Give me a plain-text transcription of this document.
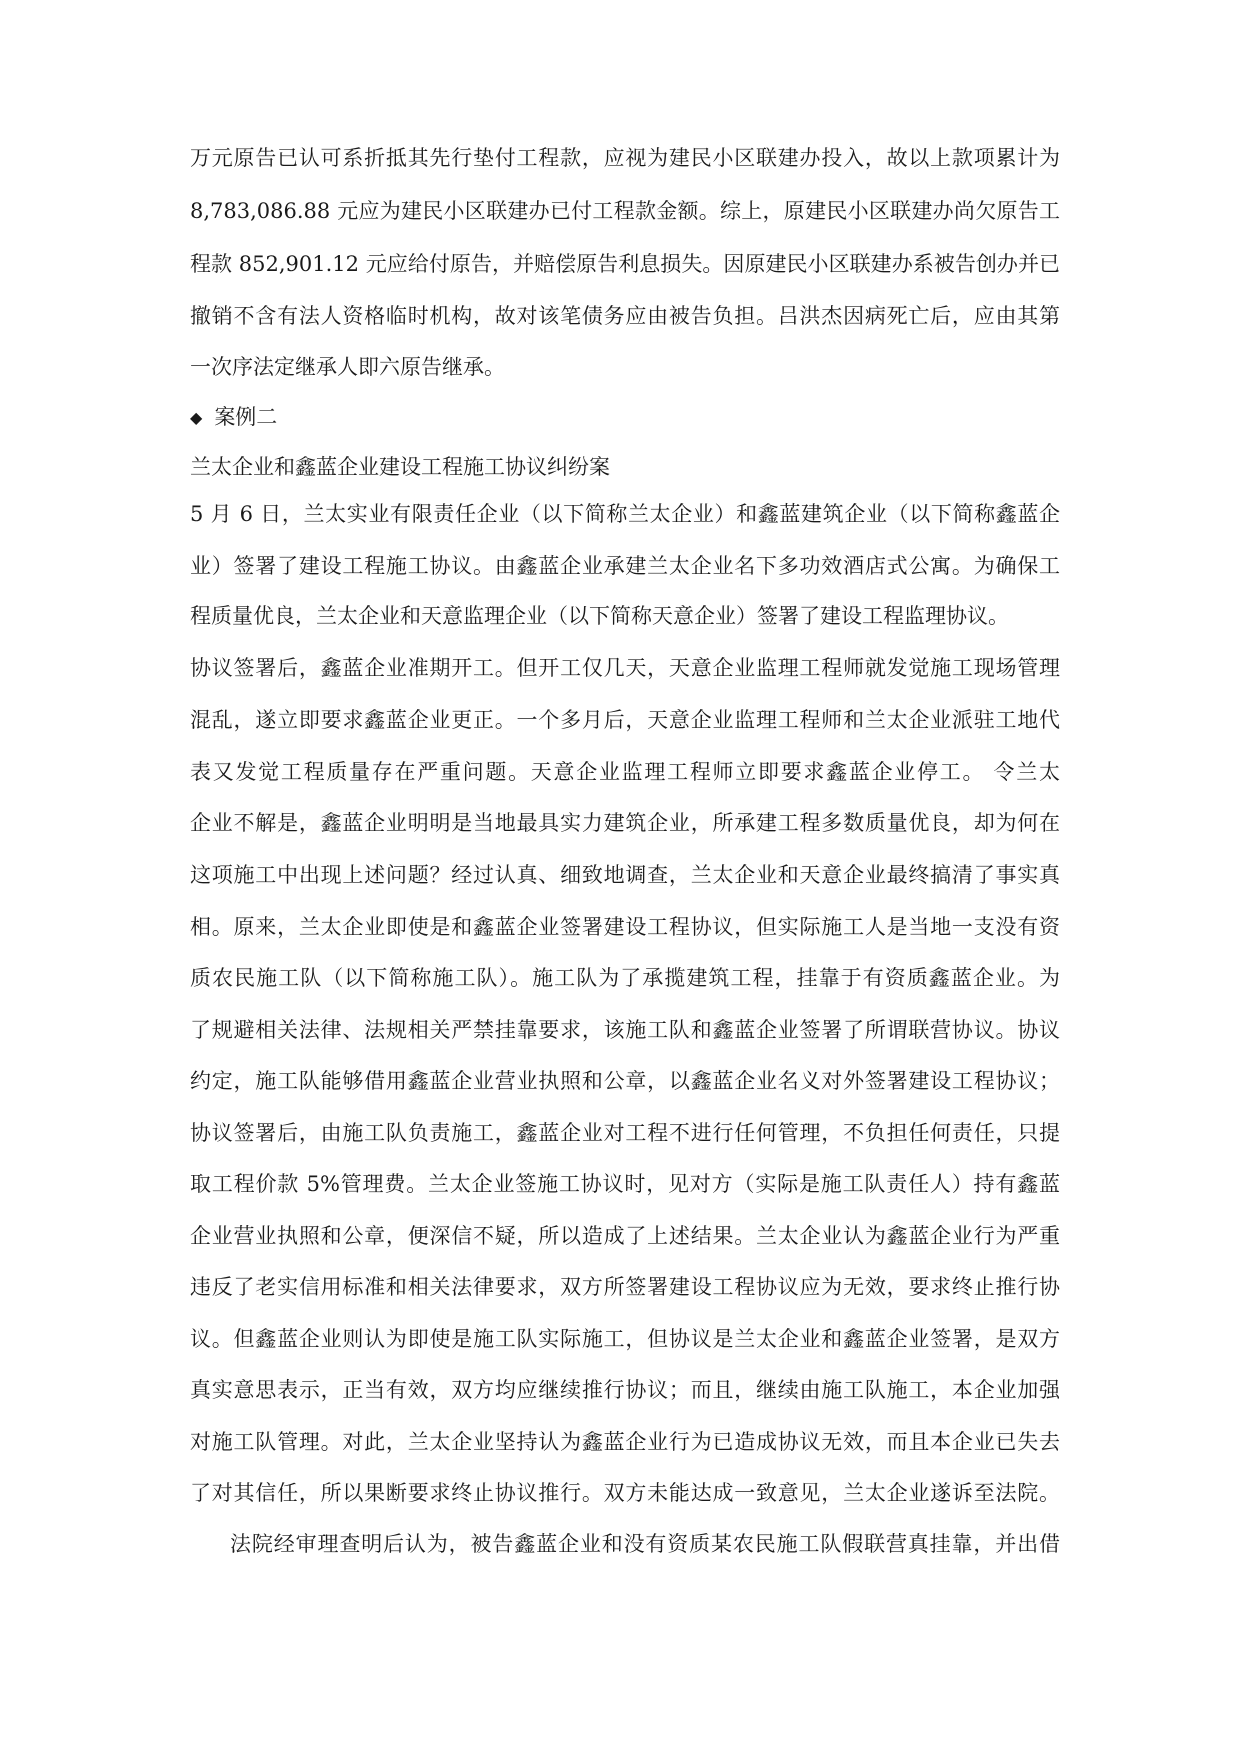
万元原告已认可系折抵其先行垫付工程款，应视为建民小区联建办投入，故以上款项累计为
8,783,086.88 元应为建民小区联建办已付工程款金额。综上，原建民小区联建办尚欠原告工
程款 852,901.12 元应给付原告，并赔偿原告利息损失。因原建民小区联建办系被告创办并已
撤销不含有法人资格临时机构，故对该笔债务应由被告负担。吕洪杰因病死亡后，应由其第
一次序法定继承人即六原告继承。
◆ 案例二
兰太企业和鑫蓝企业建设工程施工协议纠纷案
5 月 6 日，兰太实业有限责任企业（以下简称兰太企业）和鑫蓝建筑企业（以下简称鑫蓝企
业）签署了建设工程施工协议。由鑫蓝企业承建兰太企业名下多功效酒店式公寓。为确保工
程质量优良，兰太企业和天意监理企业（以下简称天意企业）签署了建设工程监理协议。
协议签署后，鑫蓝企业准期开工。但开工仅几天，天意企业监理工程师就发觉施工现场管理
混乱，遂立即要求鑫蓝企业更正。一个多月后，天意企业监理工程师和兰太企业派驻工地代
表又发觉工程质量存在严重问题。天意企业监理工程师立即要求鑫蓝企业停工。 令兰太
企业不解是，鑫蓝企业明明是当地最具实力建筑企业，所承建工程多数质量优良，却为何在
这项施工中出现上述问题？经过认真、细致地调查，兰太企业和天意企业最终搞清了事实真
相。原来，兰太企业即使是和鑫蓝企业签署建设工程协议，但实际施工人是当地一支没有资
质农民施工队（以下简称施工队）。施工队为了承揽建筑工程，挂靠于有资质鑫蓝企业。为
了规避相关法律、法规相关严禁挂靠要求，该施工队和鑫蓝企业签署了所谓联营协议。协议
约定，施工队能够借用鑫蓝企业营业执照和公章，以鑫蓝企业名义对外签署建设工程协议；
协议签署后，由施工队负责施工，鑫蓝企业对工程不进行任何管理，不负担任何责任，只提
取工程价款 5%管理费。兰太企业签施工协议时，见对方（实际是施工队责任人）持有鑫蓝
企业营业执照和公章，便深信不疑，所以造成了上述结果。兰太企业认为鑫蓝企业行为严重
违反了老实信用标准和相关法律要求，双方所签署建设工程协议应为无效，要求终止推行协
议。但鑫蓝企业则认为即使是施工队实际施工，但协议是兰太企业和鑫蓝企业签署，是双方
真实意思表示，正当有效，双方均应继续推行协议；而且，继续由施工队施工，本企业加强
对施工队管理。对此，兰太企业坚持认为鑫蓝企业行为已造成协议无效，而且本企业已失去
了对其信任，所以果断要求终止协议推行。双方未能达成一致意见，兰太企业遂诉至法院。
法院经审理查明后认为，被告鑫蓝企业和没有资质某农民施工队假联营真挂靠，并出借
